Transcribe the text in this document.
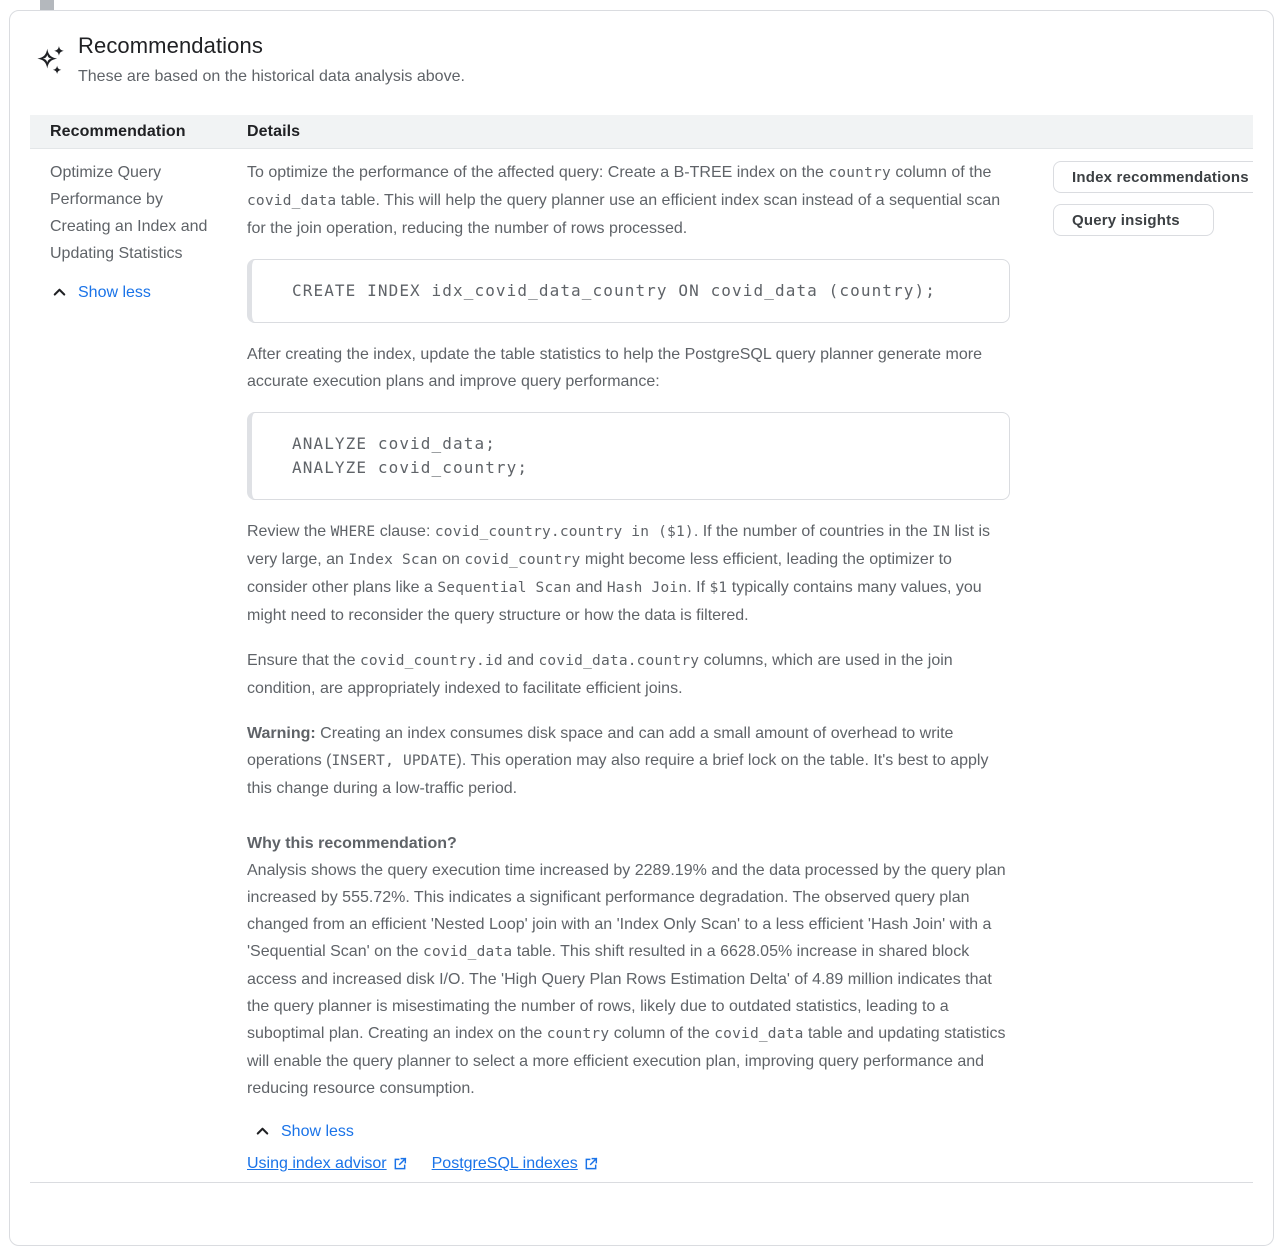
Recommendations
These are based on the historical data analysis above.
Recommendation	Details
Optimize Query Performance by Creating an Index and Updating Statistics
Show less
To optimize the performance of the affected query: Create a B-TREE index on the country column of the covid_data table. This will help the query planner use an efficient index scan instead of a sequential scan for the join operation, reducing the number of rows processed.
CREATE INDEX idx_covid_data_country ON covid_data (country);
After creating the index, update the table statistics to help the PostgreSQL query planner generate more accurate execution plans and improve query performance:
ANALYZE covid_data;
ANALYZE covid_country;
Review the WHERE clause: covid_country.country in ($1). If the number of countries in the IN list is very large, an Index Scan on covid_country might become less efficient, leading the optimizer to consider other plans like a Sequential Scan and Hash Join. If $1 typically contains many values, you might need to reconsider the query structure or how the data is filtered.
Ensure that the covid_country.id and covid_data.country columns, which are used in the join condition, are appropriately indexed to facilitate efficient joins.
Warning: Creating an index consumes disk space and can add a small amount of overhead to write operations (INSERT, UPDATE). This operation may also require a brief lock on the table. It's best to apply this change during a low-traffic period.
Why this recommendation?
Analysis shows the query execution time increased by 2289.19% and the data processed by the query plan increased by 555.72%. This indicates a significant performance degradation. The observed query plan changed from an efficient 'Nested Loop' join with an 'Index Only Scan' to a less efficient 'Hash Join' with a 'Sequential Scan' on the covid_data table. This shift resulted in a 6628.05% increase in shared block access and increased disk I/O. The 'High Query Plan Rows Estimation Delta' of 4.89 million indicates that the query planner is misestimating the number of rows, likely due to outdated statistics, leading to a suboptimal plan. Creating an index on the country column of the covid_data table and updating statistics will enable the query planner to select a more efficient execution plan, improving query performance and reducing resource consumption.
Show less
Using index advisor	PostgreSQL indexes
Index recommendations
Query insights
